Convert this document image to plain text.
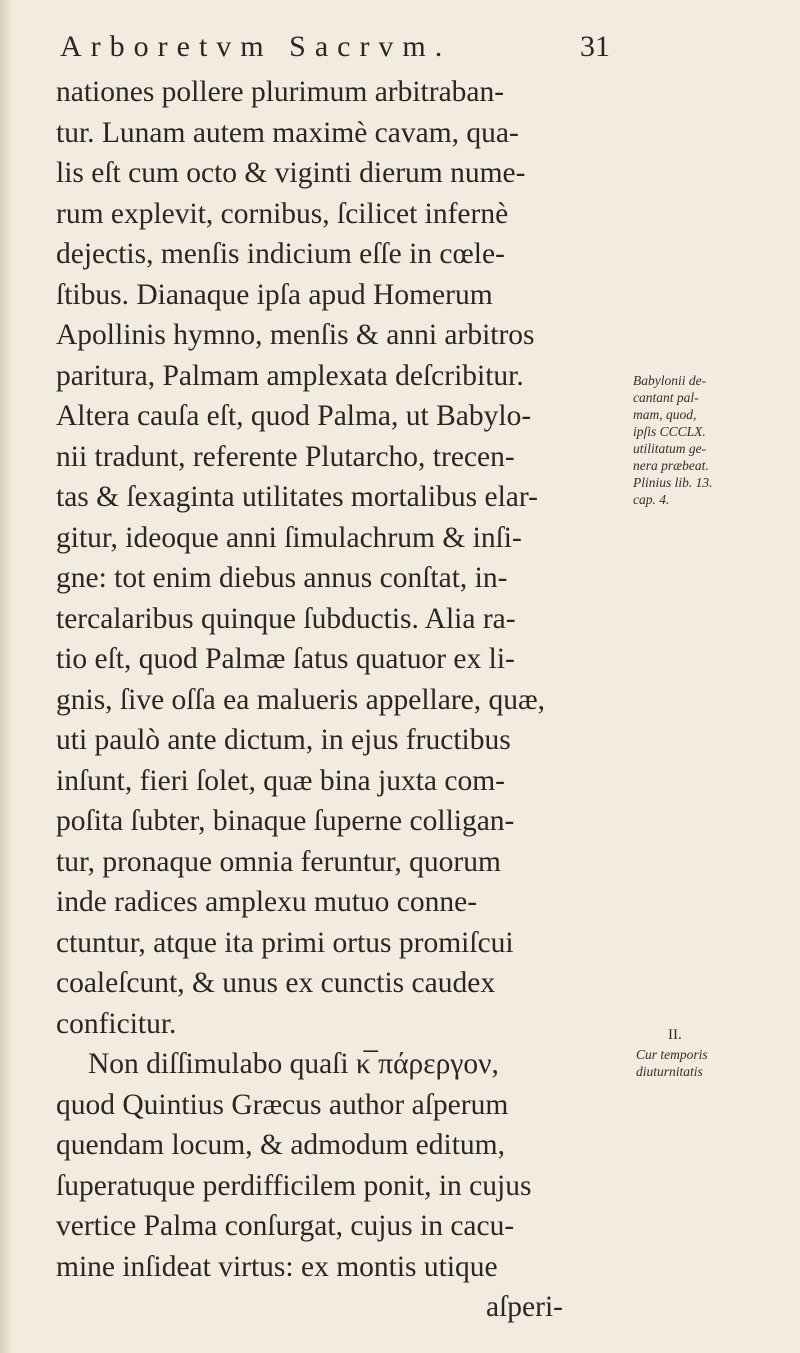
Arboretvm Sacrvm.	31
nationes pollere plurimum arbitraban-
tur. Lunam autem maximè cavam, qua-
lis eſt cum octo & viginti dierum nume-
rum explevit, cornibus, ſcilicet infernè
dejectis, menſis indicium eſſe in cœle-
ſtibus. Dianaque ipſa apud Homerum
Apollinis hymno, menſis & anni arbitros
paritura, Palmam amplexata deſcribitur.
Altera cauſa eſt, quod Palma, ut Babylo-
nii tradunt, referente Plutarcho, trecen-
tas & ſexaginta utilitates mortalibus elar-
gitur, ideoque anni ſimulachrum & inſi-
gne: tot enim diebus annus conſtat, in-
tercalaribus quinque ſubductis. Alia ra-
tio eſt, quod Palmæ ſatus quatuor ex li-
gnis, ſive oſſa ea malueris appellare, quæ,
uti paulò ante dictum, in ejus fructibus
inſunt, fieri ſolet, quæ bina juxta com-
poſita ſubter, binaque ſuperne colligan-
tur, pronaque omnia feruntur, quorum
inde radices amplexu mutuo conne-
ctuntur, atque ita primi ortus promiſcui
coaleſcunt, & unus ex cunctis caudex
conficitur.
Non diſſimulabo quaſi κ̅ πάρεργον,
quod Quintius Græcus author aſperum
quendam locum, & admodum editum,
ſuperatuque perdifficilem ponit, in cujus
vertice Palma conſurgat, cujus in cacu-
mine inſideat virtus: ex montis utique
aſperi-
Babylonii de-
cantant pal-
mam, quod,
ipſis CCCLX.
utilitatum ge-
nera præbeat.
Plinius lib. 13.
cap. 4.
II.
Cur temporis
diuturnitatis
